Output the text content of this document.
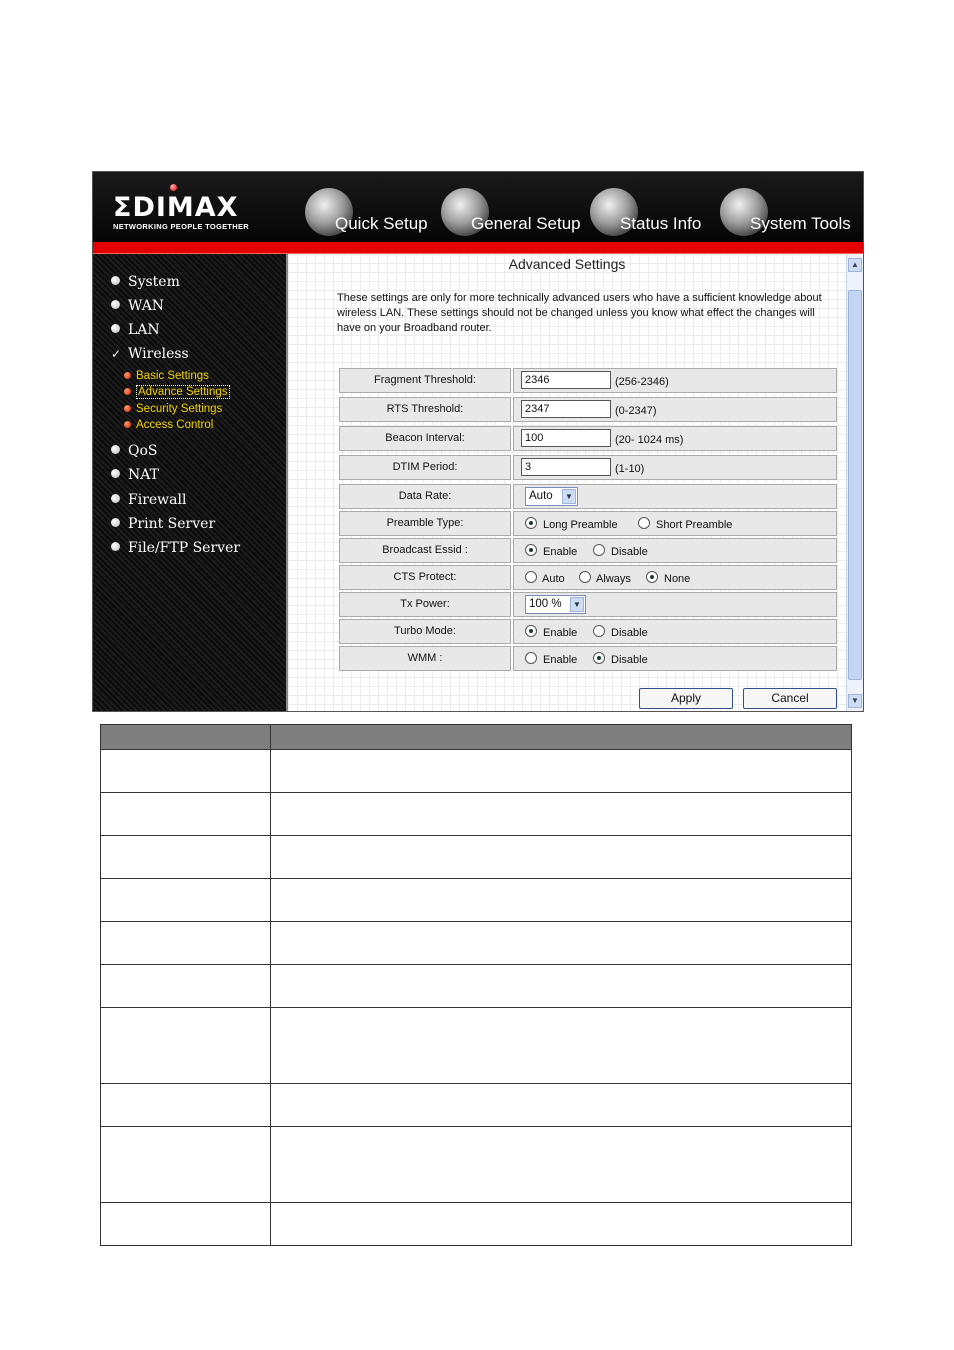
ΣDIMAX
NETWORKING PEOPLE TOGETHER	Quick Setup	General Setup Status Info	System Tools
System
WAN
LAN
✓ Wireless
Basic Settings
Advance Settings
Security Settings
Access Control
QoS
NAT
Firewall
Print Server
File/FTP Server
Advanced Settings
These settings are only for more technically advanced users who have a sufficient knowledge about wireless LAN. These settings should not be changed unless you know what effect the changes will have on your Broadband router.
Fragment Threshold:	2346	(256-2346)
RTS Threshold:	2347	(0-2347)
Beacon Interval:	100	(20- 1024 ms)
DTIM Period:	3	(1-10)
Data Rate:	Auto	▼
Preamble Type:	Long Preamble	Short Preamble
Broadcast Essid :	Enable	Disable
CTS Protect:	Auto	Always	None
Tx Power:	100 %	▼
Turbo Mode:	Enable	Disable
WMM :	Enable	Disable
Apply	Cancel
▲
▼
